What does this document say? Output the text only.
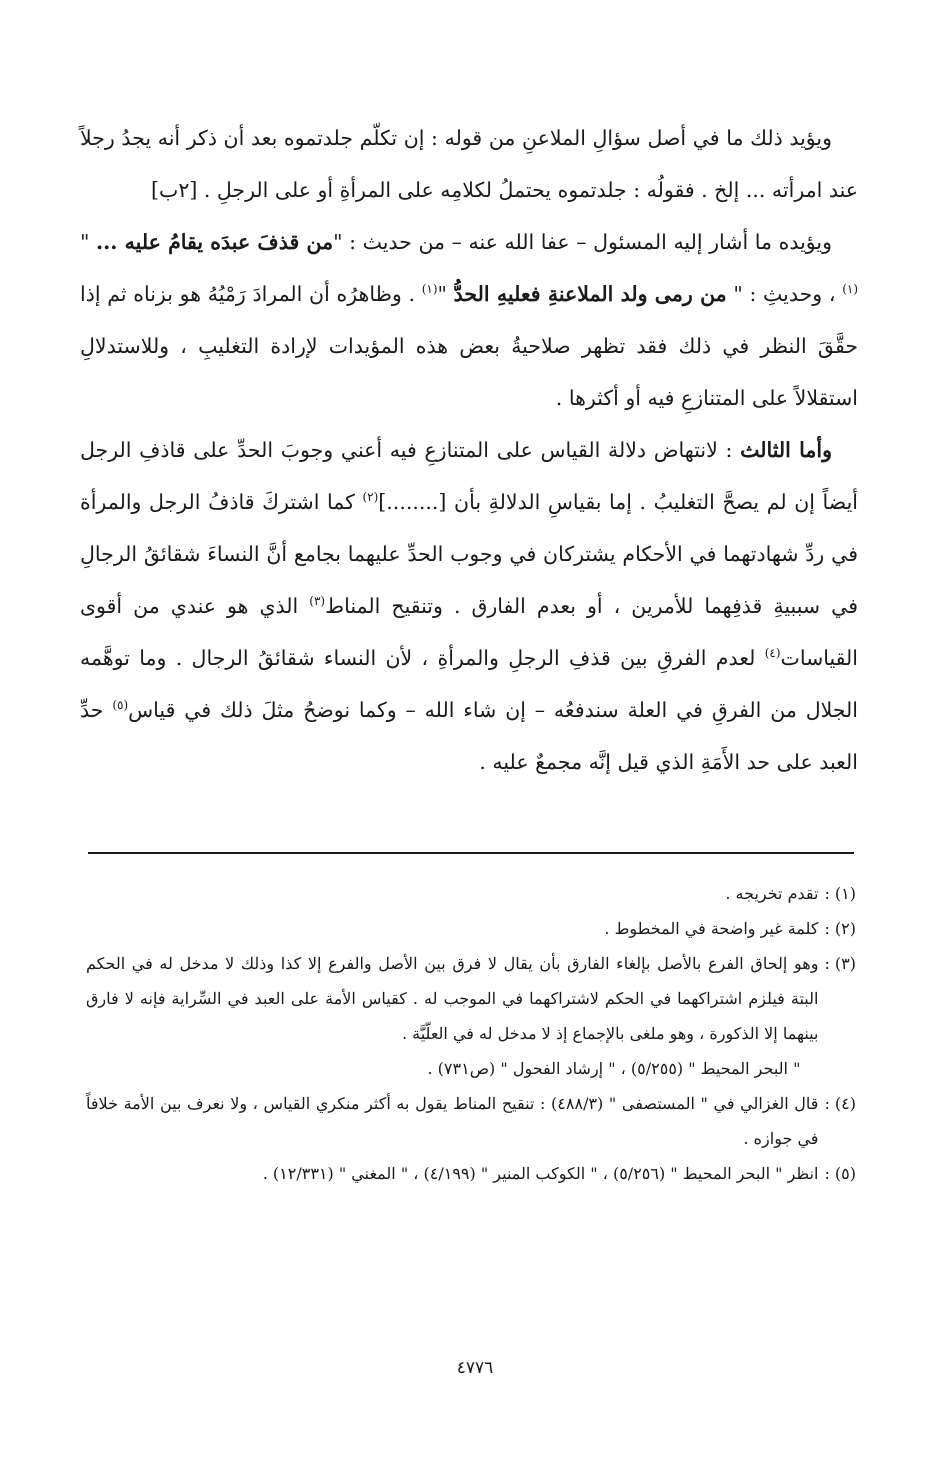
ويؤيد ذلك ما في أصل سؤالِ الملاعنِ من قوله : إن تكلّم جلدتموه بعد أن ذكر أنه يجدُ رجلاً عند امرأته ... إلخ . فقولُه : جلدتموه يحتملُ لكلامِه على المرأةِ أو على الرجلِ . [٢ب]

ويؤيده ما أشار إليه المسئول – عفا الله عنه – من حديث : "من قذفَ عبدَه يقامُ عليه ... "$^{(١)}$ ، وحديثِ : " من رمى ولد الملاعنةِ فعليهِ الحدُّ "$^{(١)}$ . وظاهرُه أن المرادَ رَمْيُهُ هو بزناه ثم إذا حقَّقَ النظر في ذلك فقد تظهر صلاحيةُ بعض هذه المؤيدات لإرادة التغليبِ ، وللاستدلالِ استقلالاً على المتنازعِ فيه أو أكثرها .

وأما الثالث : لانتهاض دلالة القياس على المتنازعِ فيه أعني وجوبَ الحدِّ على قاذفِ الرجل أيضاً إن لم يصحَّ التغليبُ . إما بقياسِ الدلالةِ بأن [........]$^{(٢)}$ كما اشتركَ قاذفُ الرجل والمرأة في ردِّ شهادتهما في الأحكام يشتركان في وجوب الحدِّ عليهما بجامع أنَّ النساءَ شقائقُ الرجالِ في سببيةِ قذفِهما للأمرين ، أو بعدم الفارق . وتنقيح المناط$^{(٣)}$ الذي هو عندي من أقوى القياسات$^{(٤)}$ لعدم الفرقِ بين قذفِ الرجلِ والمرأةِ ، لأن النساء شقائقُ الرجال . وما توهَّمه الجلال من الفرقِ في العلة سندفعُه – إن شاء الله – وكما نوضحُ مثلَ ذلك في قياس$^{(٥)}$ حدِّ العبد على حد الأَمَةِ الذي قيل إنَّه مجمعٌ عليه .

(١) :
تقدم تخريجه .
(٢) :
كلمة غير واضحة في المخطوط .
(٣) :
وهو إلحاق الفرع بالأصل بإلغاء الفارق بأن يقال لا فرق بين الأصل والفرع إلا كذا وذلك لا مدخل له في الحكم البتة فيلزم اشتراكهما في الحكم لاشتراكهما في الموجب له . كقياس الأمة على العبد في السِّراية فإنه لا فارق بينهما إلا الذكورة ، وهو ملغى بالإجماع إذ لا مدخل له في العلّيَّة .
" البحر المحيط " (٥/٢٥٥) ، " إرشاد الفحول " (ص٧٣١) .
(٤) :
قال الغزالي في " المستصفى " (٤٨٨/٣) : تنقيح المناط يقول به أكثر منكري القياس ، ولا نعرف بين الأمة خلافاً في جوازه .
(٥) :
انظر " البحر المحيط " (٥/٢٥٦) ، " الكوكب المنير " (٤/١٩٩) ، " المغني " (١٢/٣٣١) .
٤٧٧٦
